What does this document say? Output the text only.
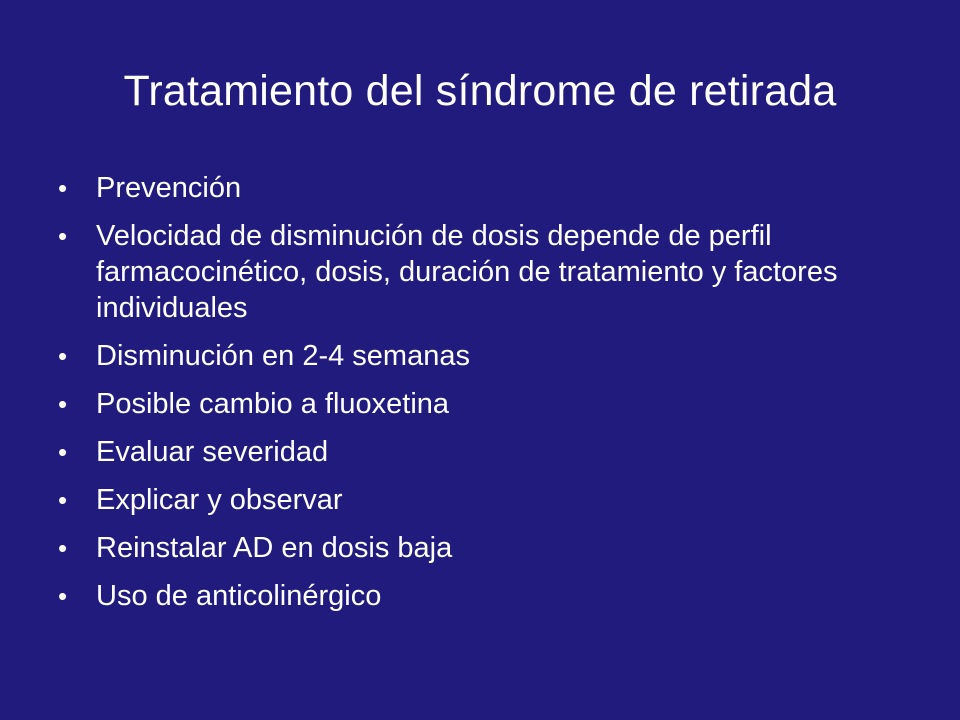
Tratamiento del síndrome de retirada
• Prevención
• Velocidad de disminución de dosis depende de perfil farmacocinético, dosis, duración de tratamiento y factores individuales
• Disminución en 2-4 semanas
• Posible cambio a fluoxetina
• Evaluar severidad
• Explicar y observar
• Reinstalar AD en dosis baja
• Uso de anticolinérgico
